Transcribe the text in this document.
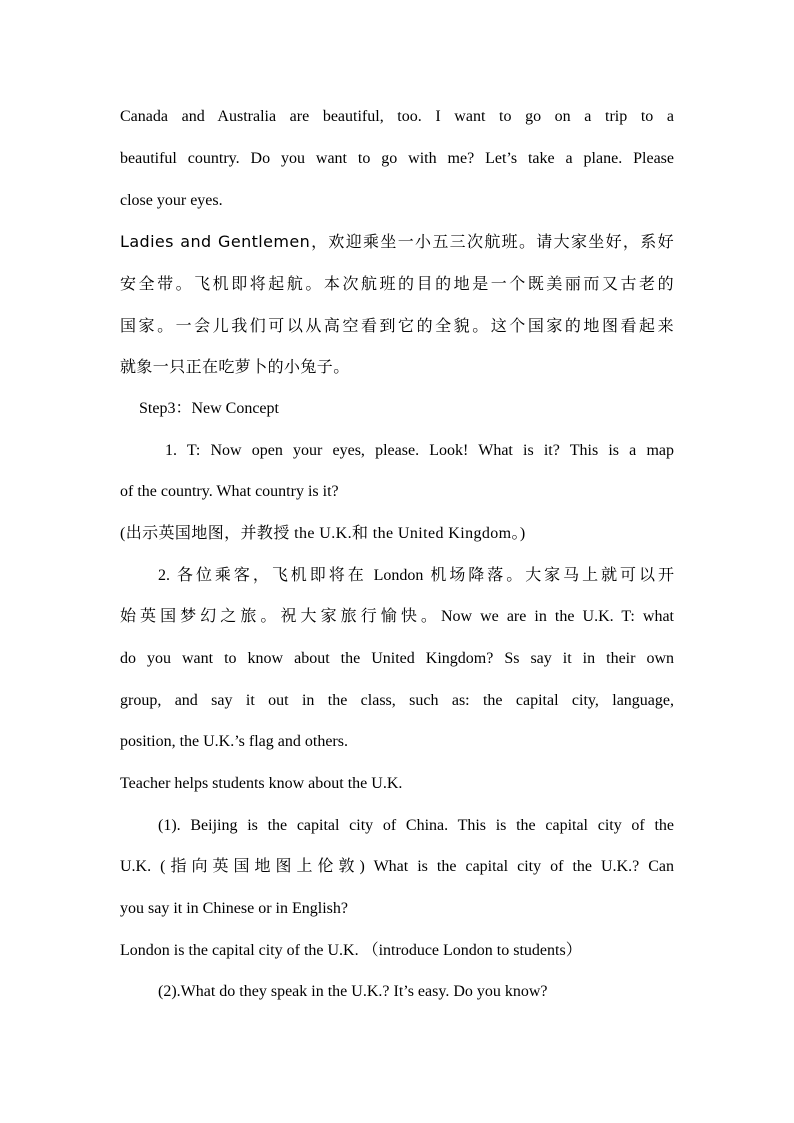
Canada and Australia are beautiful, too. I want to go on a trip to a
beautiful country. Do you want to go with me? Let’s take a plane. Please
close your eyes.
Ladies and Gentlemen，欢迎乘坐一小五三次航班。请大家坐好，系好
安全带。飞机即将起航。本次航班的目的地是一个既美丽而又古老的
国家。一会儿我们可以从高空看到它的全貌。这个国家的地图看起来
就象一只正在吃萝卜的小兔子。
Step3：New Concept
1. T: Now open your eyes, please. Look! What is it? This is a map
of the country. What country is it?
(出示英国地图，并教授 the U.K.和 the United Kingdom。)
2. 各位乘客，飞机即将在 London 机场降落。大家马上就可以开
始英国梦幻之旅。祝大家旅行愉快。Now we are in the U.K. T: what
do you want to know about the United Kingdom? Ss say it in their own
group, and say it out in the class, such as: the capital city, language,
position, the U.K.’s flag and others.
Teacher helps students know about the U.K.
(1). Beijing is the capital city of China. This is the capital city of the
U.K. (指向英国地图上伦敦) What is the capital city of the U.K.? Can
you say it in Chinese or in English?
London is the capital city of the U.K. （introduce London to students）
(2).What do they speak in the U.K.? It’s easy. Do you know?
